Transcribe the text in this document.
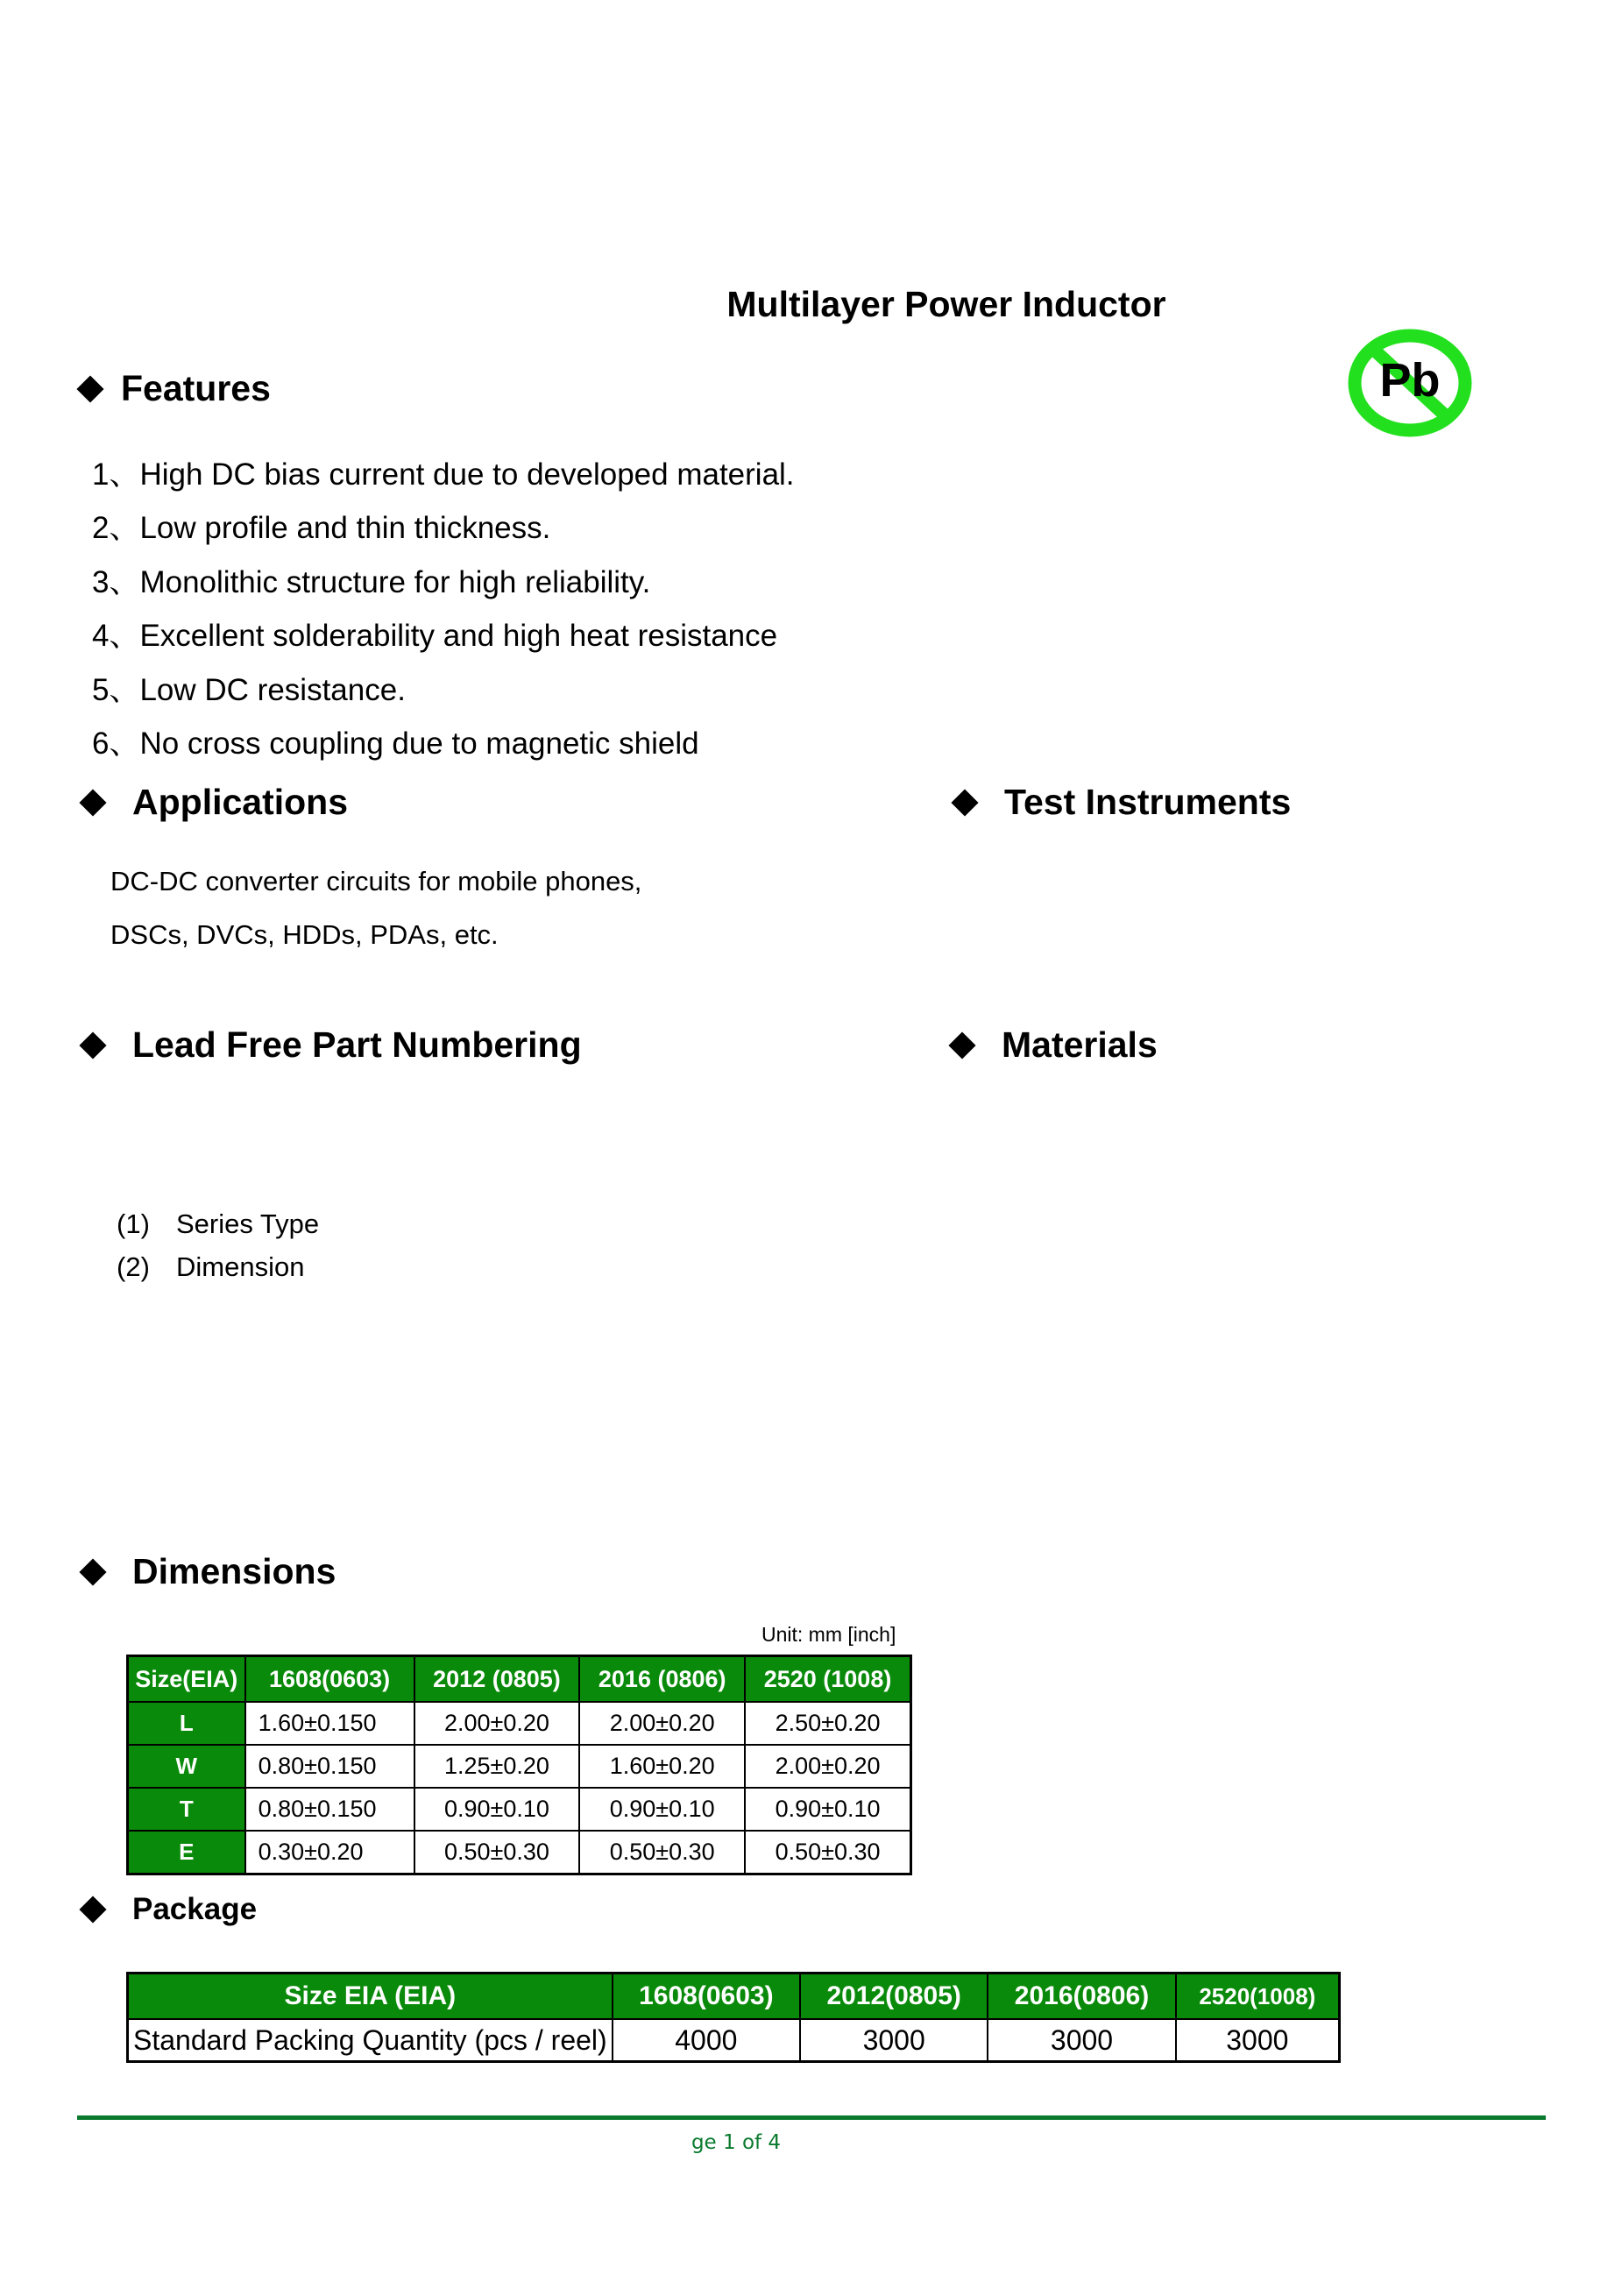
Multilayer Power Inductor
Pb
Features
1、High DC bias current due to developed material.
2、Low profile and thin thickness.
3、Monolithic structure for high reliability.
4、Excellent solderability and high heat resistance
5、Low DC resistance.
6、No cross coupling due to magnetic shield
Applications	Test Instruments
DC-DC converter circuits for mobile phones,
DSCs, DVCs, HDDs, PDAs, etc.
Lead Free Part Numbering	Materials
(1) Series Type
(2) Dimension
Dimensions
Unit: mm [inch]
Size(EIA)	1608(0603)	2012 (0805)	2016 (0806)	2520 (1008)
L	1.60±0.150	2.00±0.20	2.00±0.20	2.50±0.20
W	0.80±0.150	1.25±0.20	1.60±0.20	2.00±0.20
T	0.80±0.150	0.90±0.10	0.90±0.10	0.90±0.10
E	0.30±0.20	0.50±0.30	0.50±0.30	0.50±0.30
Package
Size EIA (EIA)	1608(0603)	2012(0805)	2016(0806)	2520(1008)
Standard Packing Quantity (pcs / reel)	4000	3000	3000	3000
ge 1 of 4
